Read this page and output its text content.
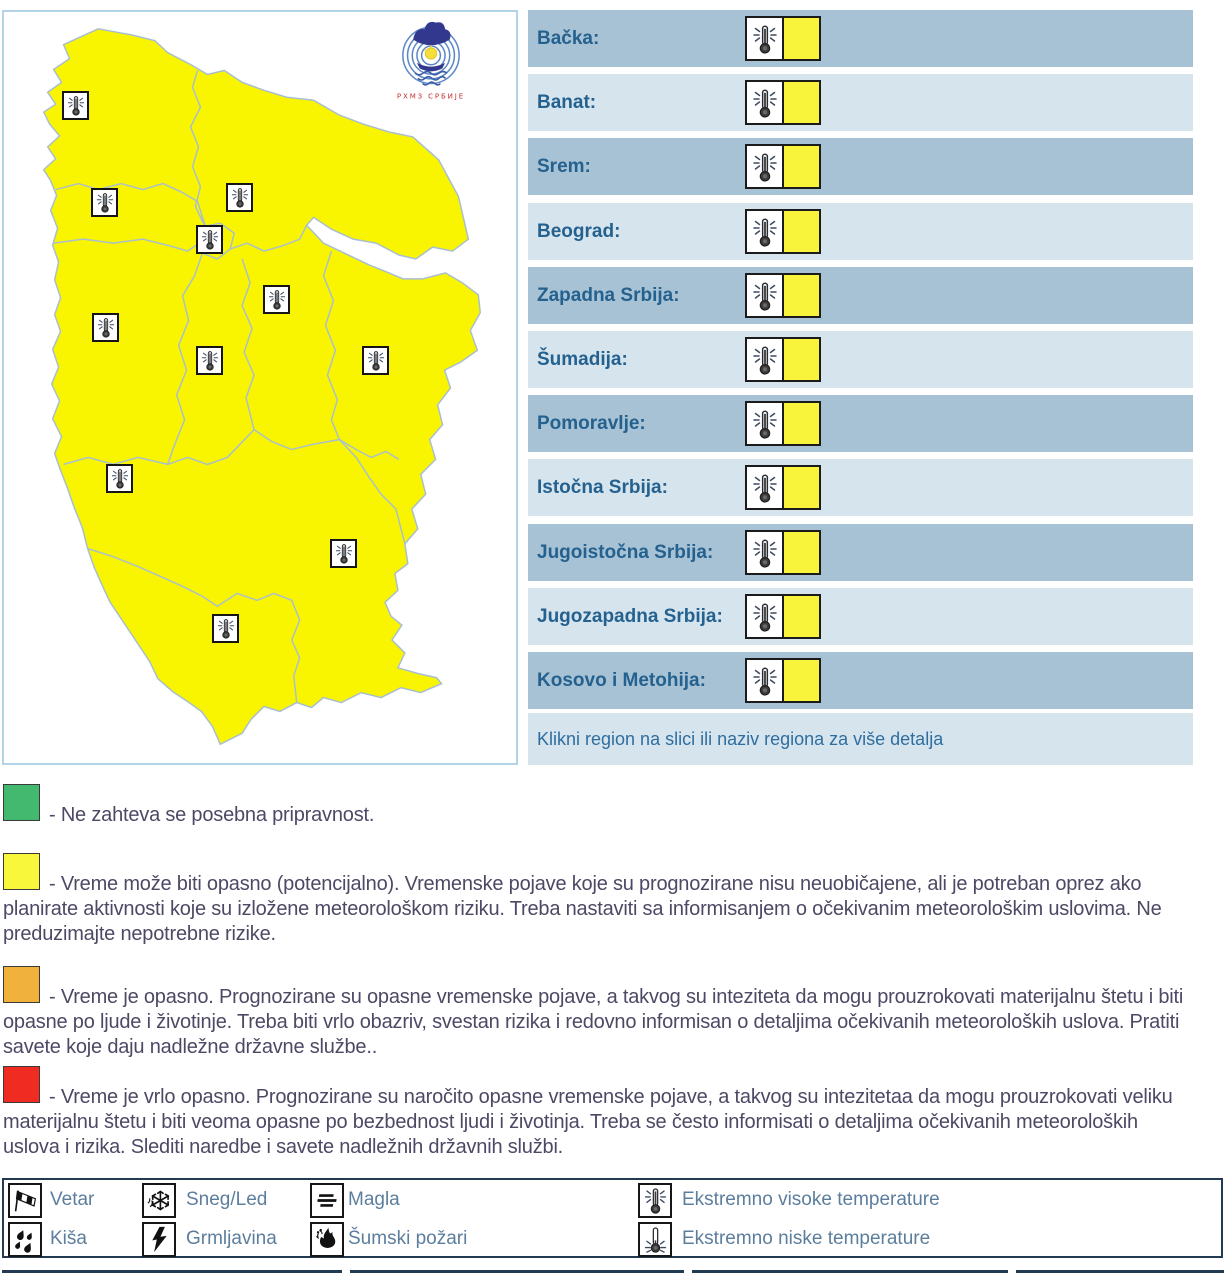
Kosovo i Metohija:
Jugozapadna Srbija:
Jugoistočna Srbija:
Istočna Srbija:
Pomoravlje:
Šumadija:
Zapadna Srbija:
Beograd:
Srem:
Banat:
Bačka:
Klikni region na slici ili naziv regiona za više detalja

- Ne zahteva se posebna pripravnost.

- Vreme može biti opasno (potencijalno). Vremenske pojave koje su prognozirane nisu neuobičajene, ali je potreban oprez ako planirate aktivnosti koje su izložene meteorološkom riziku. Treba nastaviti sa informisanjem o očekivanim meteorološkim uslovima. Ne preduzimajte nepotrebne rizike.

- Vreme je opasno. Prognozirane su opasne vremenske pojave, a takvog su inteziteta da mogu prouzrokovati materijalnu štetu i biti opasne po ljude i životinje. Treba biti vrlo obazriv, svestan rizika i redovno informisan o detaljima očekivanih meteoroloških uslova. Pratiti savete koje daju nadležne državne službe..

- Vreme je vrlo opasno. Prognozirane su naročito opasne vremenske pojave, a takvog su intezitetaa da mogu prouzrokovati veliku materijalnu štetu i biti veoma opasne po bezbednost ljudi i životinja. Treba se često informisati o detaljima očekivanih meteoroloških uslova i rizika. Slediti naredbe i savete nadležnih državnih službi.

Vetar	Sneg/Led	Magla	Ekstremno visoke temperature
Kiša	Grmljavina	Šumski požari	Ekstremno niske temperature
